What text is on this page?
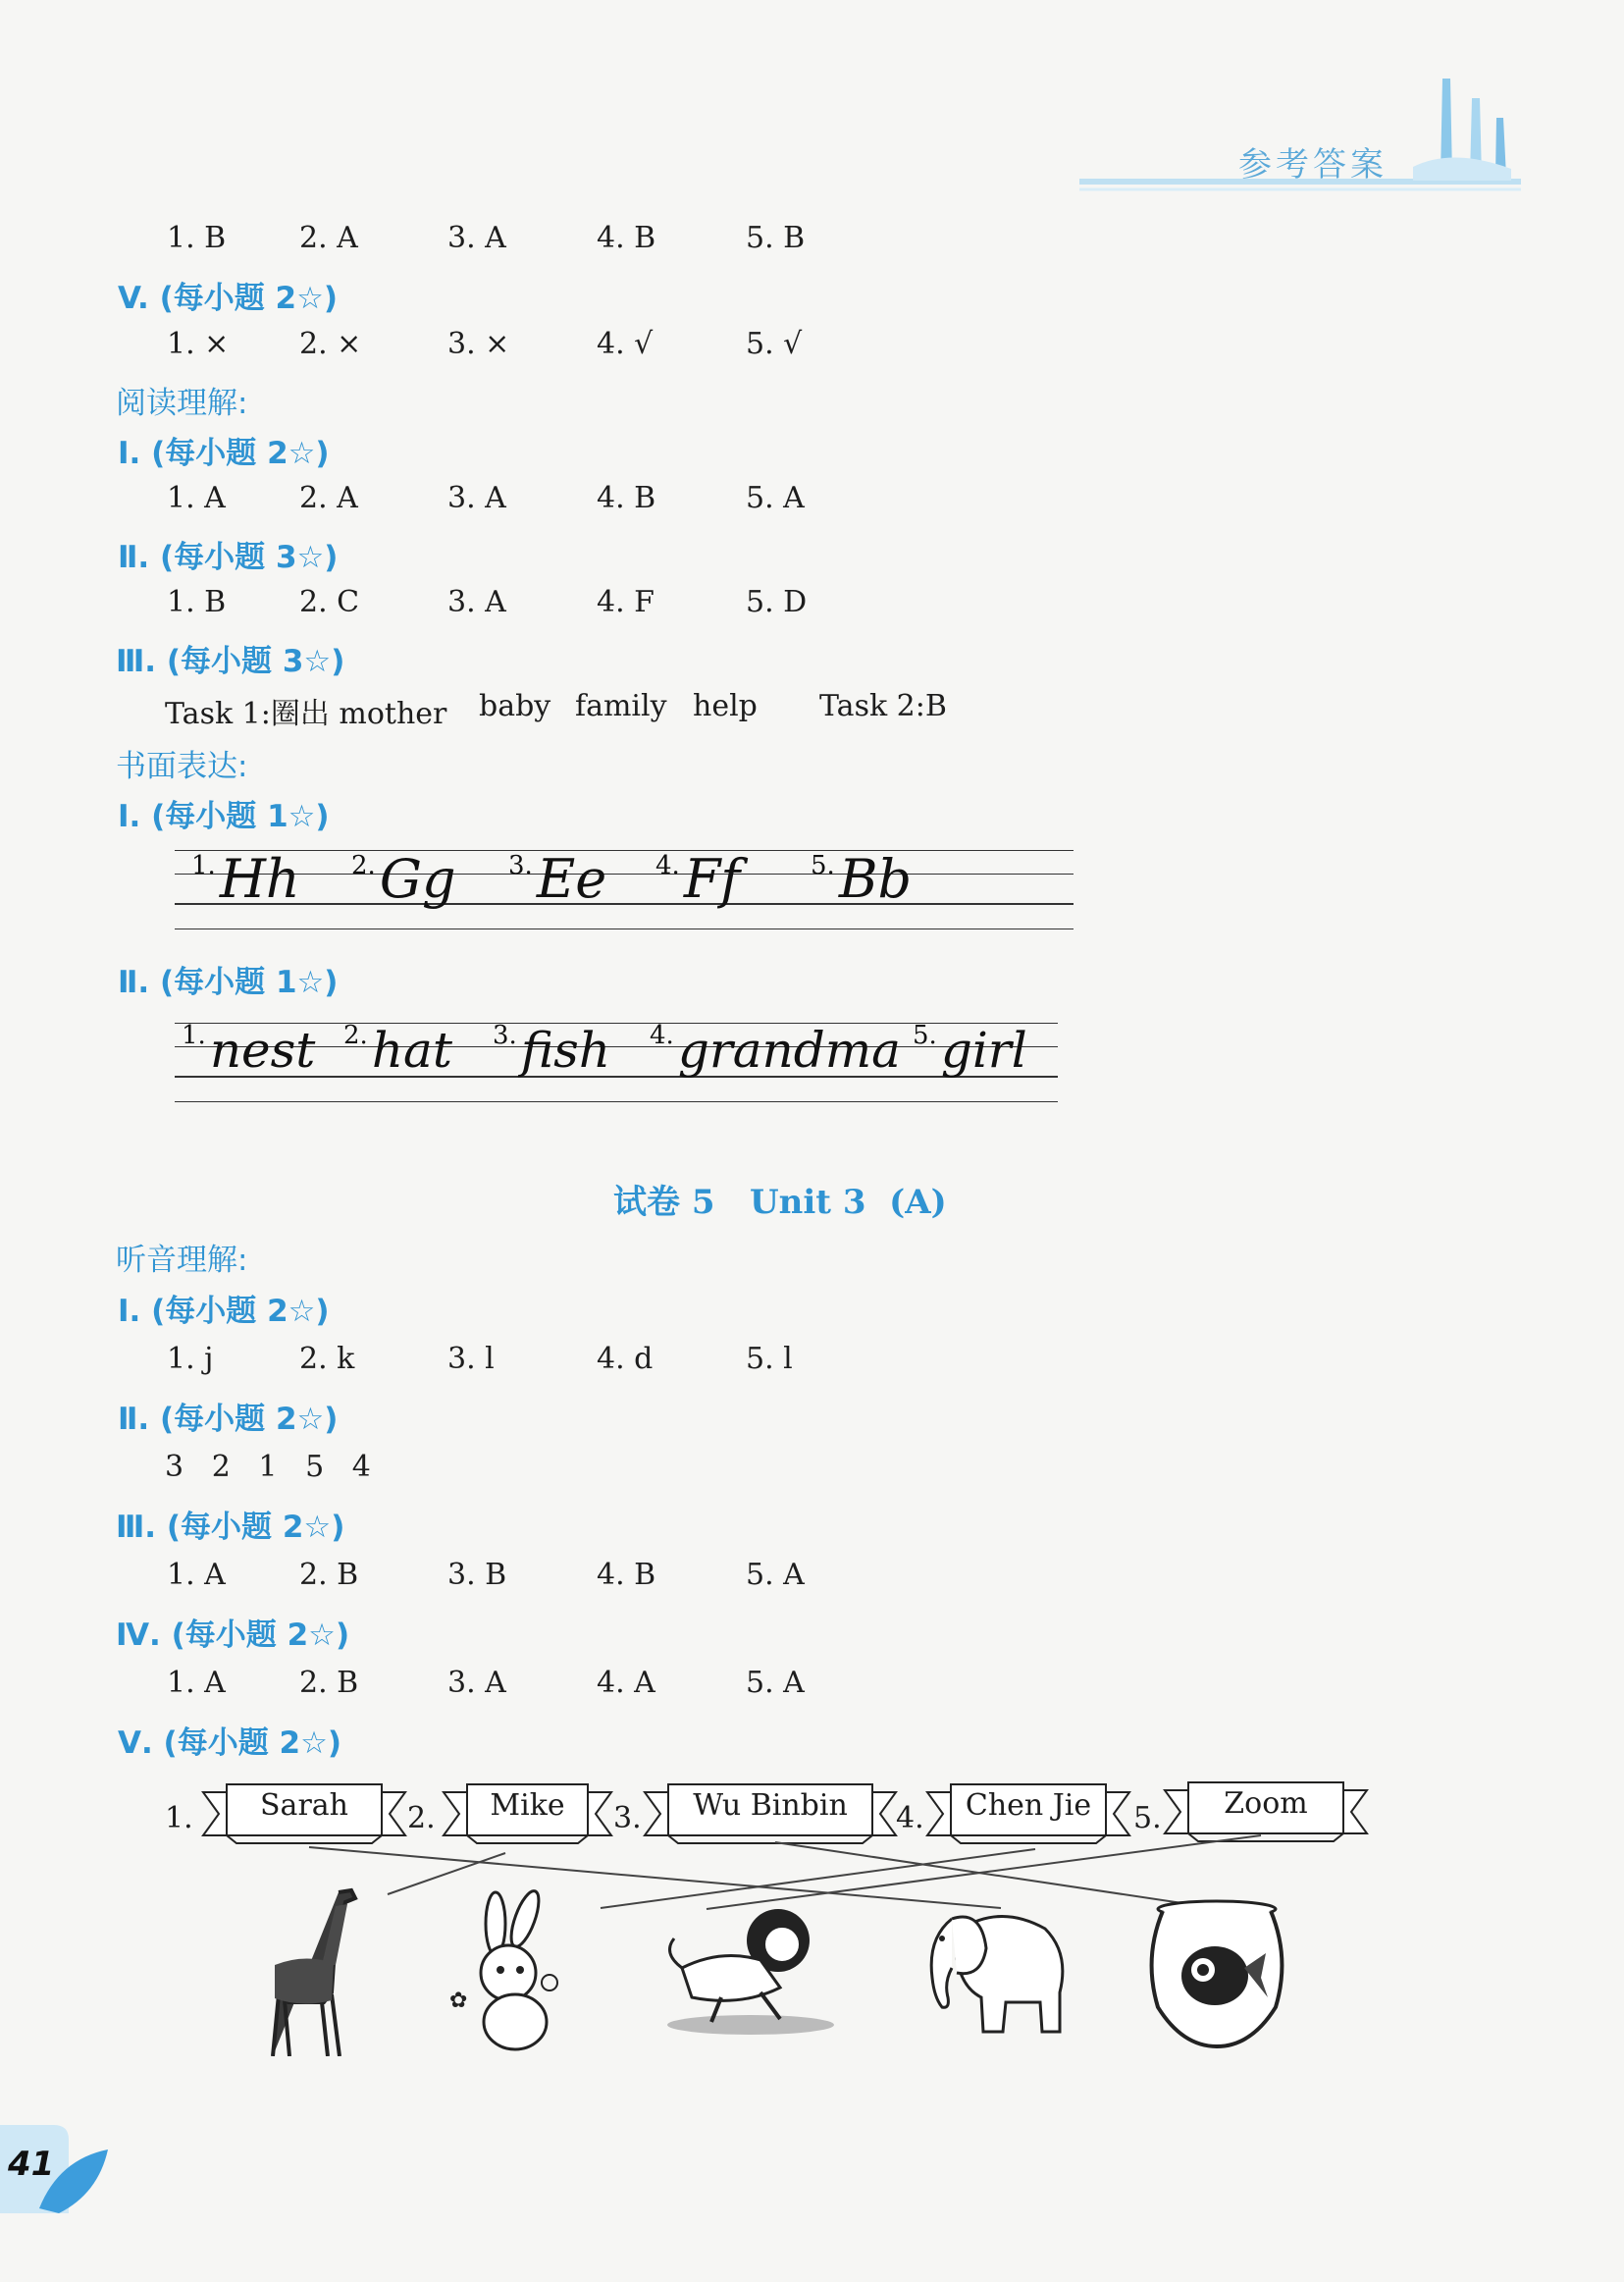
参考答案
1. B 2. A	3. A	4. B	5. B
V. (每小题 2☆)
1. × 2. ×	3. ×	4. √	5. √
阅读理解:
Ⅰ. (每小题 2☆)
1. A	2. A	3. A	4. B	5. A
Ⅱ. (每小题 3☆)
1. B 2. C	3. A	4. F	5. D
Ⅲ. (每小题 3☆)
Task 1:圈出 mother baby family help Task 2:B
书面表达:
Ⅰ. (每小题 1☆)
$^{1.}$Hh $^{2.}$Gg $^{3.}$Ee $^{4.}$Ff	$^{5.}$Bb
Ⅱ. (每小题 1☆)
$^{1.}$nest $^{2.}$hat $^{3.}$fish $^{4.}$grandma $^{5.}$girl
试卷 5   Unit 3  (A)
听音理解:
Ⅰ. (每小题 2☆)
1. j	2. k	3. l	4. d	5. l
Ⅱ. (每小题 2☆)
3   2   1   5   4
Ⅲ. (每小题 2☆)
1. A	2. B	3. B	4. B	5. A
Ⅳ. (每小题 2☆)
1. A	2. B	3. A	4. A	5. A
Ⅴ. (每小题 2☆)
1.	Sarah	2.	Mike	3.	Wu Binbin	4.	Chen Jie	5.	Zoom
✿
41
